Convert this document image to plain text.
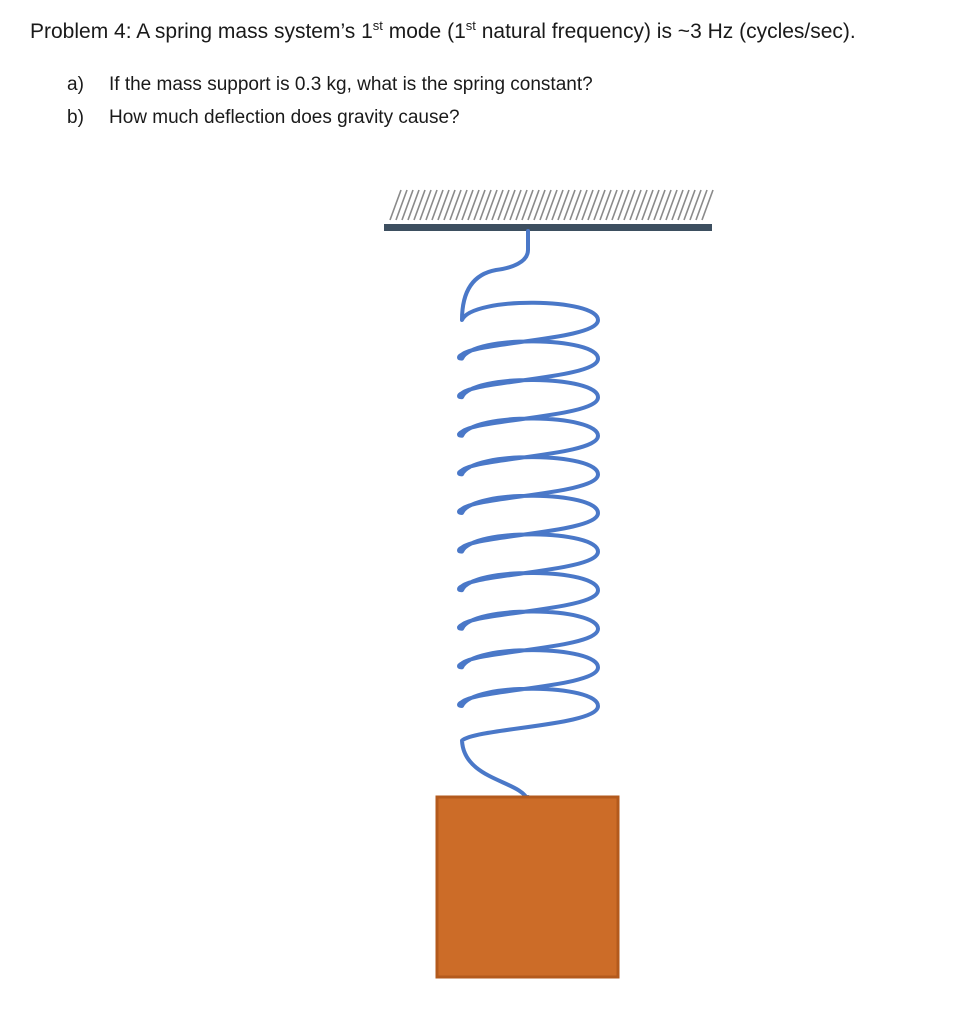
Problem 4: A spring mass system’s 1st mode (1st natural frequency) is ~3 Hz (cycles/sec).
a)	If the mass support is 0.3 kg, what is the spring constant?
b)	How much deflection does gravity cause?
